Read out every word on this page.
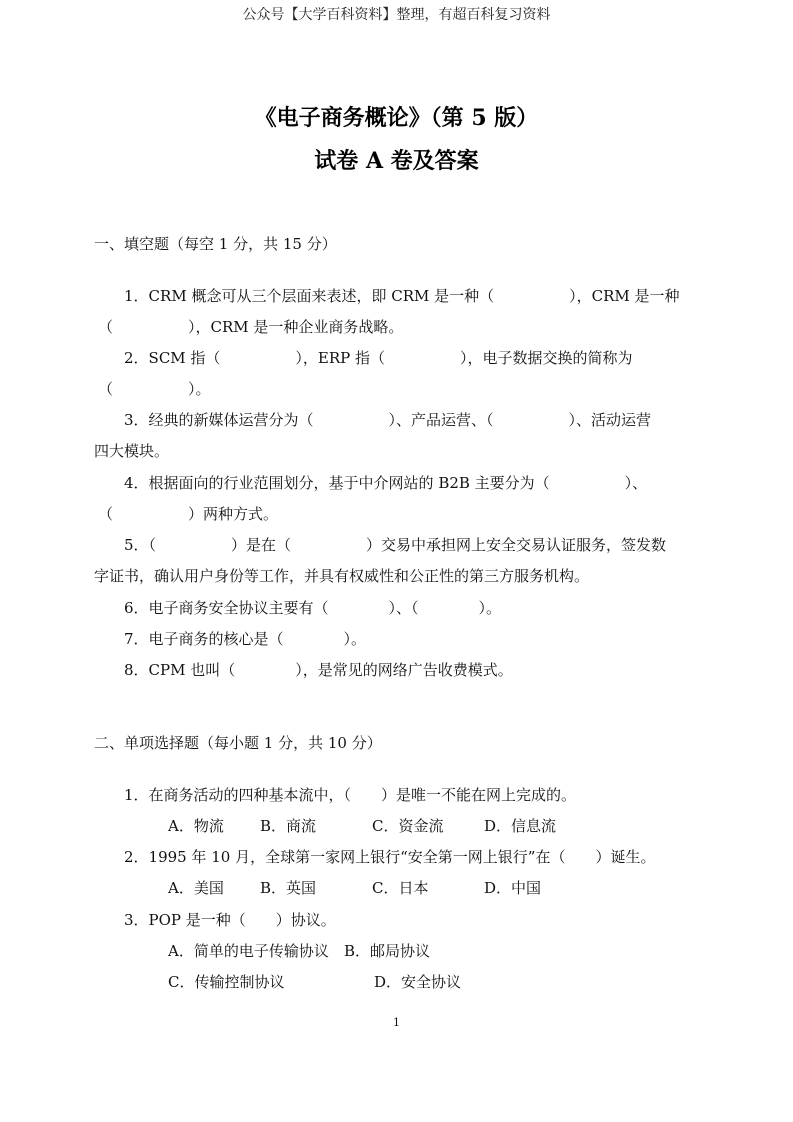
公众号【大学百科资料】整理，有超百科复习资料
《电子商务概论》（第 5 版）
试卷 A 卷及答案
一、填空题（每空 1 分，共 15 分）
1．CRM 概念可从三个层面来表述，即 CRM 是一种（　　　　　），CRM 是一种
（　　　　　），CRM 是一种企业商务战略。
2．SCM 指（　　　　　），ERP 指（　　　　　），电子数据交换的简称为
（　　　　　）。
3．经典的新媒体运营分为（　　　　　）、产品运营、（　　　　　）、活动运营
四大模块。
4．根据面向的行业范围划分，基于中介网站的 B2B 主要分为（　　　　　）、
（　　　　　）两种方式。
5．（　　　　　）是在（　　　　　）交易中承担网上安全交易认证服务，签发数
字证书，确认用户身份等工作，并具有权威性和公正性的第三方服务机构。
6．电子商务安全协议主要有（　　　　）、（　　　　）。
7．电子商务的核心是（　　　　）。
8．CPM 也叫（　　　　），是常见的网络广告收费模式。
二、单项选择题（每小题 1 分，共 10 分）
1．在商务活动的四种基本流中，（　　）是唯一不能在网上完成的。
A．物流 B．商流	C．资金流	D．信息流
2．1995 年 10 月，全球第一家网上银行“安全第一网上银行”在（　　）诞生。
A．美国 B．英国	C．日本	D．中国
3．POP 是一种（　　）协议。
A．简单的电子传输协议 B．邮局协议
C．传输控制协议	D．安全协议
1
